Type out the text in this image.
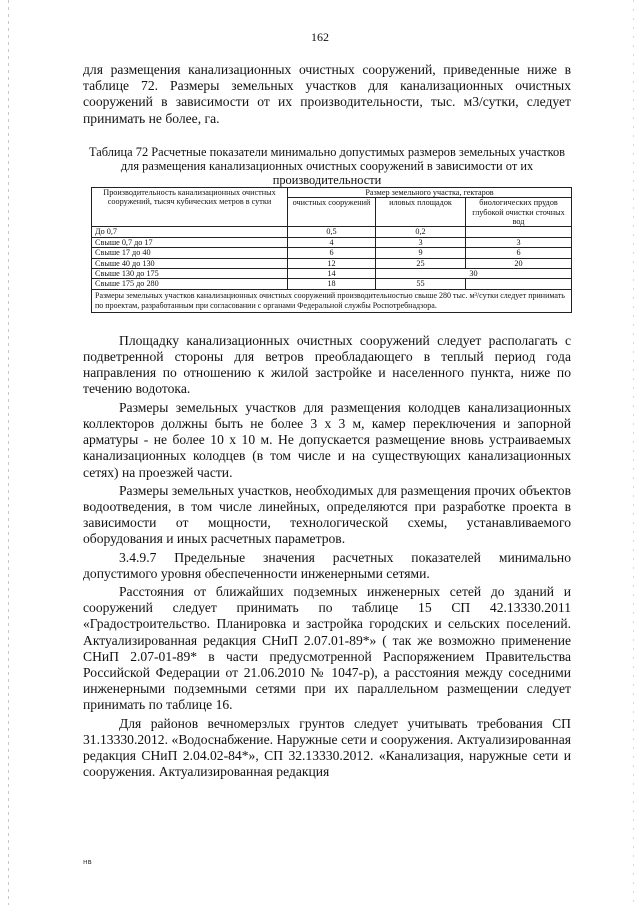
162

для размещения канализационных очистных сооружений, приведенные ниже в таблице 72. Размеры земельных участков для канализационных очистных сооружений в зависимости от их производительности, тыс. м3/сутки, следует принимать не более, га.

Таблица 72 Расчетные показатели минимально допустимых размеров земельных участков для размещения канализационных очистных сооружений в зависимости от их производительности
Производительность канализационных очистных сооружений, тысяч кубических метров в сутки	Размер земельного участка, гектаров		
	очистных сооружений	иловых площадок	биологических прудов глубокой очистки сточных вод
До 0,7	0,5	0,2	
Свыше 0,7 до 17	4	3	3
Свыше 17 до 40	6	9	6
Свыше 40 до 130	12	25	20
Свыше 130 до 175	14	30	
Свыше 175 до 280	18	55	
Размеры земельных участков канализационных очистных сооружений производительностью свыше 280 тыс. м³/сутки следует принимать по проектам, разработанным при согласовании с органами Федеральной службы Роспотребнадзора.			

Площадку канализационных очистных сооружений следует располагать с подветренной стороны для ветров преобладающего в теплый период года направления по отношению к жилой застройке и населенного пункта, ниже по течению водотока.

Размеры земельных участков для размещения колодцев канализационных коллекторов должны быть не более 3 х 3 м, камер переключения и запорной арматуры - не более 10 х 10 м. Не допускается размещение вновь устраиваемых канализационных колодцев (в том числе и на существующих канализационных сетях) на проезжей части.

Размеры земельных участков, необходимых для размещения прочих объектов водоотведения, в том числе линейных, определяются при разработке проекта в зависимости от мощности, технологической схемы, устанавливаемого оборудования и иных расчетных параметров.

3.4.9.7 Предельные значения расчетных показателей минимально допустимого уровня обеспеченности инженерными сетями.

Расстояния от ближайших подземных инженерных сетей до зданий и сооружений следует принимать по таблице 15 СП 42.13330.2011 «Градостроительство. Планировка и застройка городских и сельских поселений. Актуализированная редакция СНиП 2.07.01-89*» ( так же возможно применение СНиП 2.07-01-89* в части предусмотренной Распоряжением Правительства Российской Федерации от 21.06.2010 № 1047-р), а расстояния между соседними инженерными подземными сетями при их параллельном размещении следует принимать по таблице 16.

Для районов вечномерзлых грунтов следует учитывать требования СП 31.13330.2012. «Водоснабжение. Наружные сети и сооружения. Актуализированная редакция СНиП 2.04.02-84*», СП 32.13330.2012. «Канализация, наружные сети и сооружения. Актуализированная редакция

нв
